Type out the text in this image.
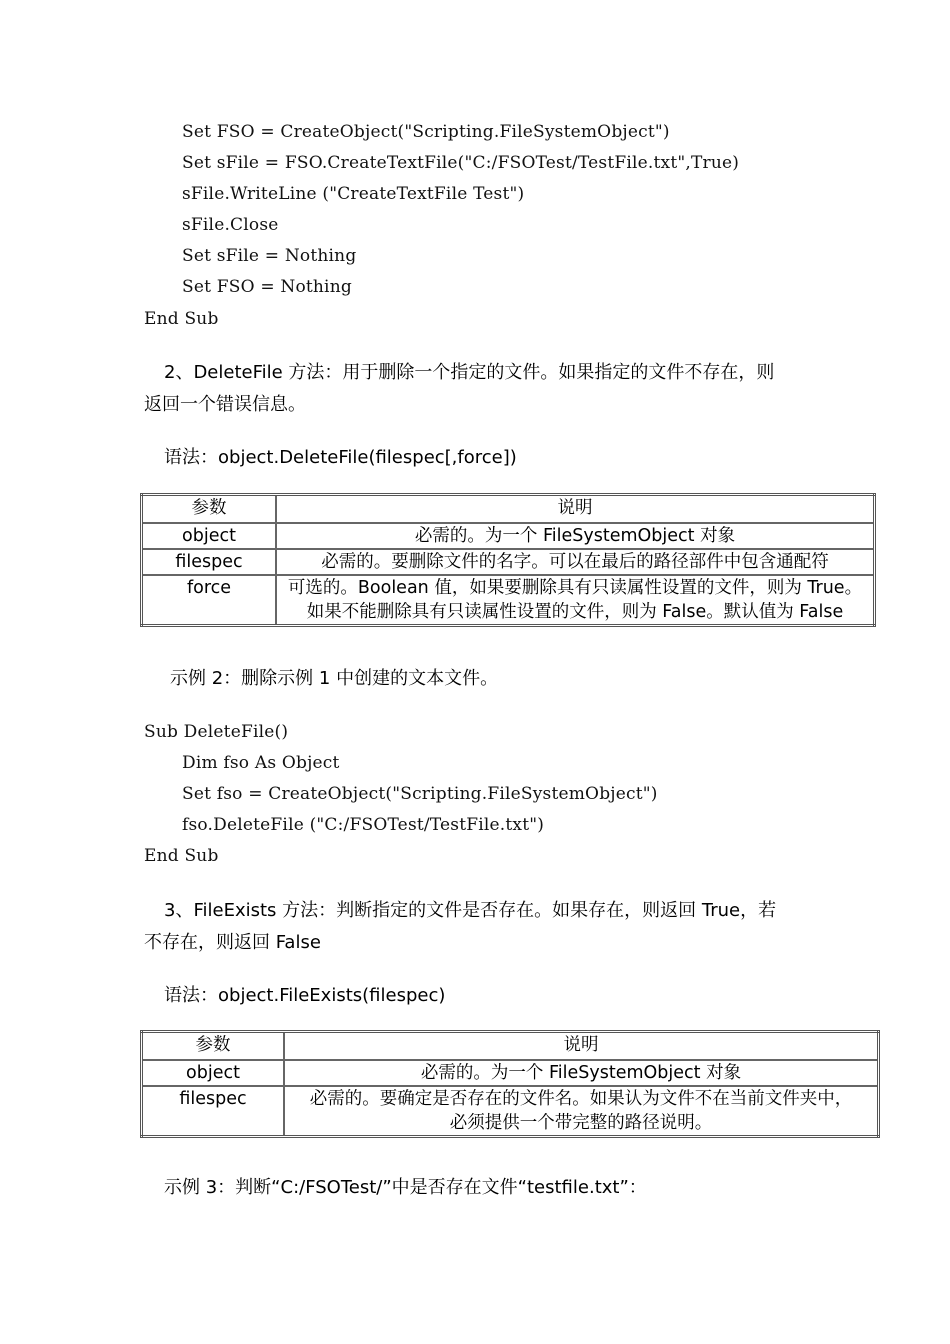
Set FSO = CreateObject("Scripting.FileSystemObject")
Set sFile = FSO.CreateTextFile("C:/FSOTest/TestFile.txt",True)
sFile.WriteLine ("CreateTextFile Test")
sFile.Close
Set sFile = Nothing
Set FSO = Nothing
End Sub
2、DeleteFile 方法：用于删除一个指定的文件。如果指定的文件不存在，则
返回一个错误信息。
语法：object.DeleteFile(filespec[,force])
参数	说明
object	必需的。为一个 FileSystemObject 对象
filespec	必需的。要删除文件的名字。可以在最后的路径部件中包含通配符
force	可选的。Boolean 值，如果要删除具有只读属性设置的文件，则为 True。
如果不能删除具有只读属性设置的文件，则为 False。默认值为 False
示例 2：删除示例 1 中创建的文本文件。
Sub DeleteFile()
Dim fso As Object
Set fso = CreateObject("Scripting.FileSystemObject")
fso.DeleteFile ("C:/FSOTest/TestFile.txt")
End Sub
3、FileExists 方法：判断指定的文件是否存在。如果存在，则返回 True，若
不存在，则返回 False
语法：object.FileExists(filespec)
参数	说明
object	必需的。为一个 FileSystemObject 对象
filespec	必需的。要确定是否存在的文件名。如果认为文件不在当前文件夹中，
必须提供一个带完整的路径说明。
示例 3：判断“C:/FSOTest/”中是否存在文件“testfile.txt”：
